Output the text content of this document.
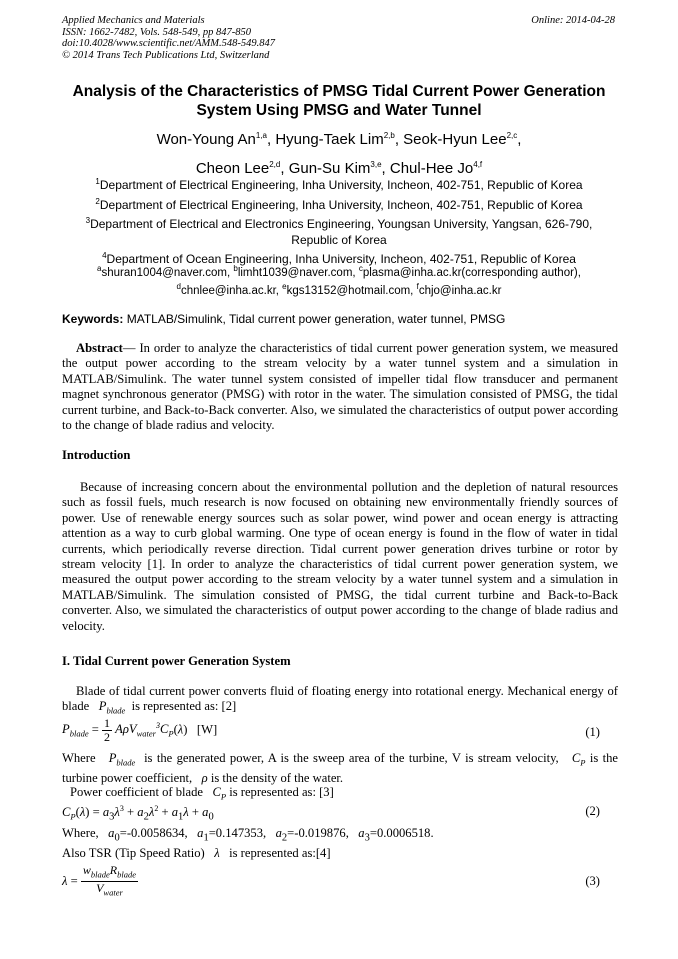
Applied Mechanics and Materials
ISSN: 1662-7482, Vols. 548-549, pp 847-850
doi:10.4028/www.scientific.net/AMM.548-549.847
© 2014 Trans Tech Publications Ltd, Switzerland
Online: 2014-04-28
Analysis of the Characteristics of PMSG Tidal Current Power Generation
System Using PMSG and Water Tunnel
Won-Young An$^{1,a}$, Hyung-Taek Lim$^{2,b}$, Seok-Hyun Lee$^{2,c}$,
Cheon Lee$^{2,d}$, Gun-Su Kim$^{3,e}$, Chul-Hee Jo$^{4,f}$
$^1$Department of Electrical Engineering, Inha University, Incheon, 402-751, Republic of Korea
$^2$Department of Electrical Engineering, Inha University, Incheon, 402-751, Republic of Korea
$^3$Department of Electrical and Electronics Engineering, Youngsan University, Yangsan, 626-790,
Republic of Korea
$^4$Department of Ocean Engineering, Inha University, Incheon, 402-751, Republic of Korea
$^a$shuran1004@naver.com, $^b$limht1039@naver.com, $^c$plasma@inha.ac.kr(corresponding author),
$^d$chnlee@inha.ac.kr, $^e$kgs13152@hotmail.com, $^f$chjo@inha.ac.kr
Keywords: MATLAB/Simulink, Tidal current power generation, water tunnel, PMSG
Abstract— In order to analyze the characteristics of tidal current power generation system, we measured the output power according to the stream velocity by a water tunnel system and a simulation in MATLAB/Simulink. The water tunnel system consisted of impeller tidal flow transducer and permanent magnet synchronous generator (PMSG) with rotor in the water. The simulation consisted of PMSG, the tidal current turbine, and Back-to-Back converter. Also, we simulated the characteristics of output power according to the change of blade radius and velocity.
Introduction
Because of increasing concern about the environmental pollution and the depletion of natural resources such as fossil fuels, much research is now focused on obtaining new environmentally friendly sources of power. Use of renewable energy sources such as solar power, wind power and ocean energy is attracting attention as a way to curb global warming. One type of ocean energy is found in the flow of water in tidal currents, which periodically reverse direction. Tidal current power generation drives turbine or rotor by stream velocity [1]. In order to analyze the characteristics of tidal current power generation system, we measured the output power according to the stream velocity by a water tunnel system and a simulation in MATLAB/Simulink. The simulation consisted of PMSG, the tidal current turbine and Back-to-Back converter. Also, we simulated the characteristics of output power according to the change of blade radius and velocity.
I. Tidal Current power Generation System
Blade of tidal current power converts fluid of floating energy into rotational energy. Mechanical energy of blade $P_{blade}$ is represented as: [2]
$P_{blade} = \frac{1}{2} A\rho V_{water}^3C_P(\lambda)$   [W]	(1)
Where $P_{blade}$ is the generated power, A is the sweep area of the turbine, V is stream velocity, $C_P$ is the turbine power coefficient, ρ is the density of the water.
Power coefficient of blade $C_P$ is represented as: [3]
$C_P(\lambda) = a_3\lambda^3 + a_2\lambda^2 + a_1\lambda + a_0$	(2)
Where, $a_0=-0.0058634$, $a_1=0.147353$, $a_2=-0.019876$, $a_3=0.0006518$.
Also TSR (Tip Speed Ratio) λ is represented as:[4]
$\lambda = \frac{w_{blade}R_{blade}}{V_{water}}$	(3)
